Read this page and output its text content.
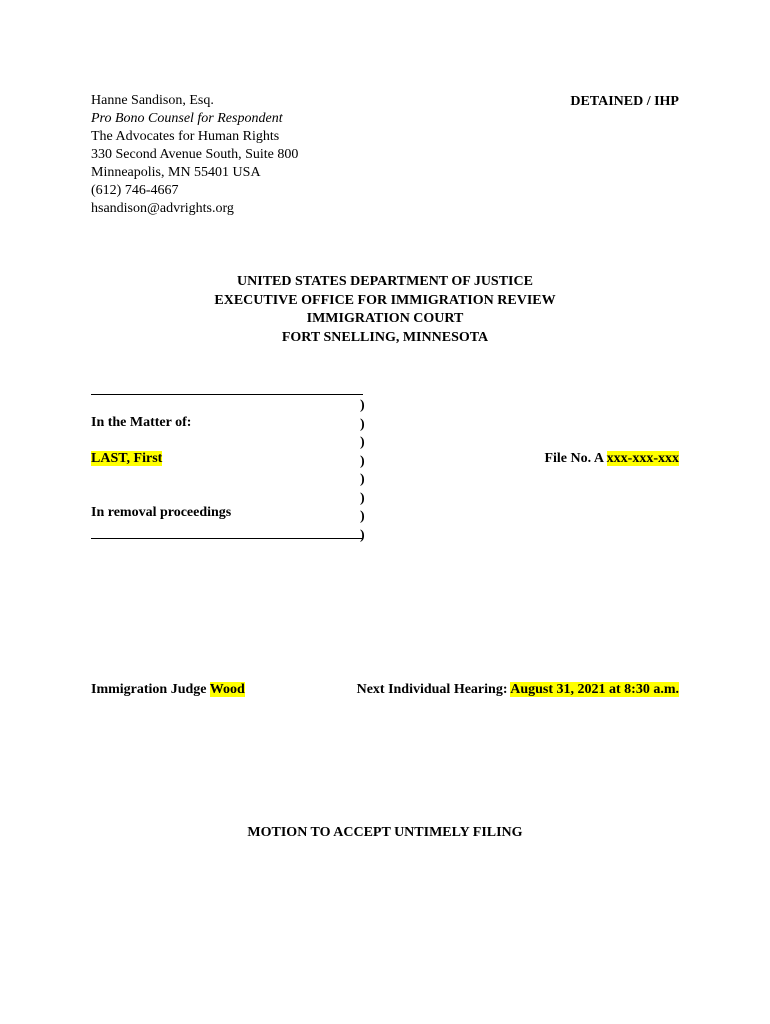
Hanne Sandison, Esq.
Pro Bono Counsel for Respondent
The Advocates for Human Rights
330 Second Avenue South, Suite 800
Minneapolis, MN 55401 USA
(612) 746-4667
hsandison@advrights.org
DETAINED / IHP
UNITED STATES DEPARTMENT OF JUSTICE
EXECUTIVE OFFICE FOR IMMIGRATION REVIEW
IMMIGRATION COURT
FORT SNELLING, MINNESOTA
)
)
)
)
)
)
)
)
In the Matter of:
LAST, First
In removal proceedings
File No. A xxx-xxx-xxx
Immigration Judge Wood	Next Individual Hearing: August 31, 2021 at 8:30 a.m.
MOTION TO ACCEPT UNTIMELY FILING
